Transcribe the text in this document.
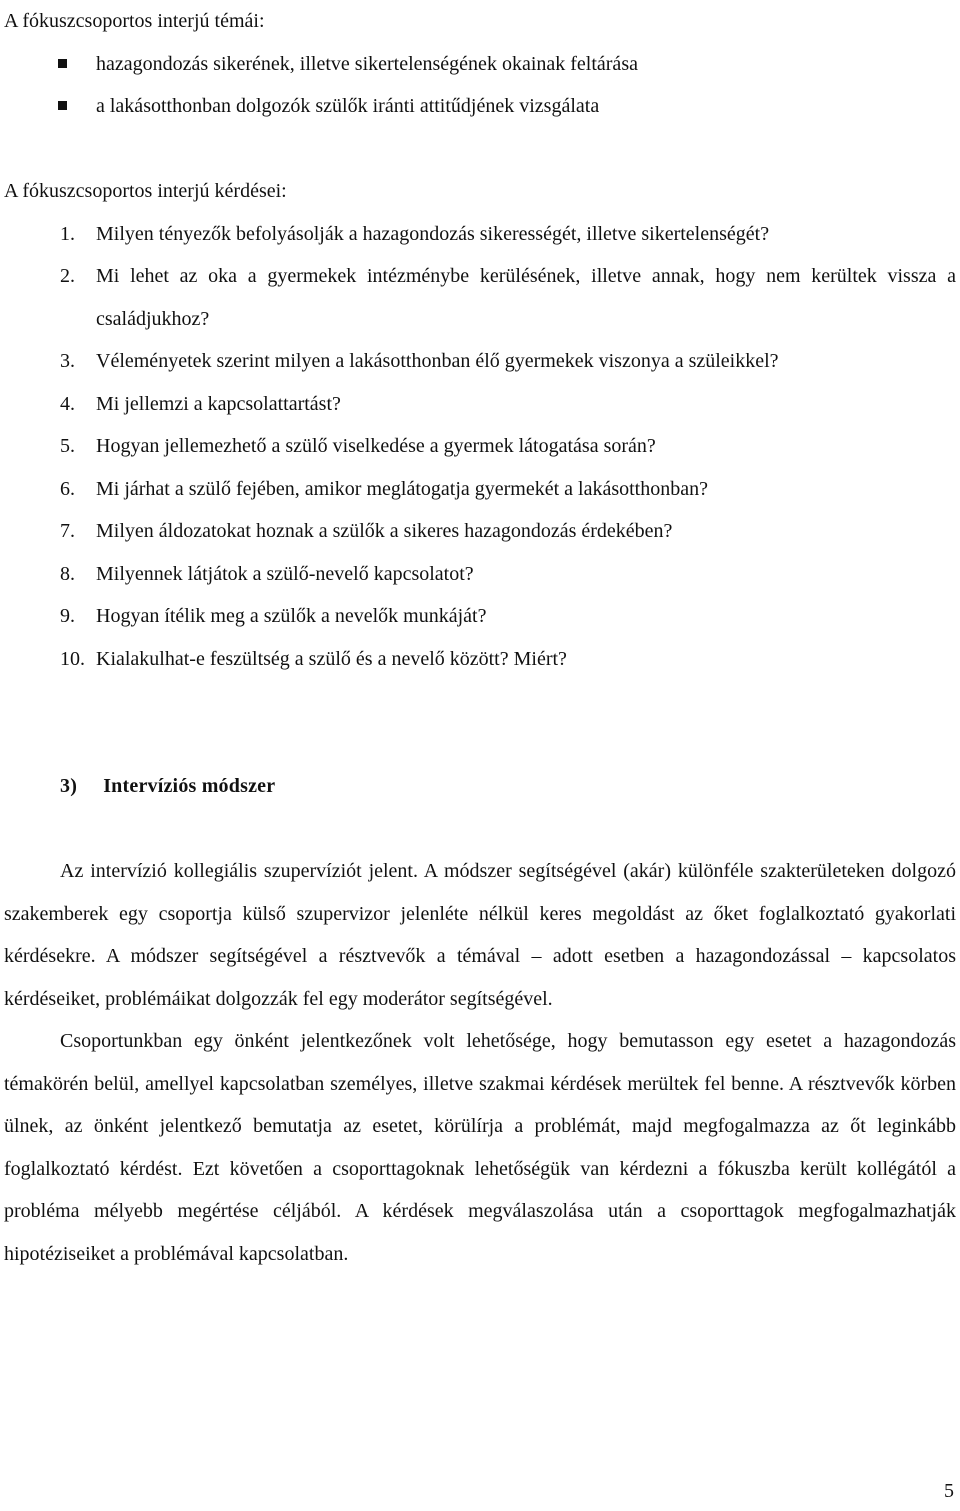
A fókuszcsoportos interjú témái:

hazagondozás sikerének, illetve sikertelenségének okainak feltárása
a lakásotthonban dolgozók szülők iránti attitűdjének vizsgálata

A fókuszcsoportos interjú kérdései:

1.	Milyen tényezők befolyásolják a hazagondozás sikerességét, illetve sikertelenségét?
2.	Mi lehet az oka a gyermekek intézménybe kerülésének, illetve annak, hogy nem kerültek vissza a családjukhoz?
3.	Véleményetek szerint milyen a lakásotthonban élő gyermekek viszonya a szüleikkel?
4.	Mi jellemzi a kapcsolattartást?
5.	Hogyan jellemezhető a szülő viselkedése a gyermek látogatása során?
6.	Mi járhat a szülő fejében, amikor meglátogatja gyermekét a lakásotthonban?
7.	Milyen áldozatokat hoznak a szülők a sikeres hazagondozás érdekében?
8.	Milyennek látjátok a szülő-nevelő kapcsolatot?
9.	Hogyan ítélik meg a szülők a nevelők munkáját?
10. Kialakulhat-e feszültség a szülő és a nevelő között? Miért?
3) Intervíziós módszer

Az intervízió kollegiális szupervíziót jelent. A módszer segítségével (akár) különféle szakterületeken dolgozó szakemberek egy csoportja külső szupervizor jelenléte nélkül keres megoldást az őket foglalkoztató gyakorlati kérdésekre. A módszer segítségével a résztvevők a témával – adott esetben a hazagondozással – kapcsolatos kérdéseiket, problémáikat dolgozzák fel egy moderátor segítségével.

Csoportunkban egy önként jelentkezőnek volt lehetősége, hogy bemutasson egy esetet a hazagondozás témakörén belül, amellyel kapcsolatban személyes, illetve szakmai kérdések merültek fel benne. A résztvevők körben ülnek, az önként jelentkező bemutatja az esetet, körülírja a problémát, majd megfogalmazza az őt leginkább foglalkoztató kérdést. Ezt követően a csoporttagoknak lehetőségük van kérdezni a fókuszba került kollégától a probléma mélyebb megértése céljából. A kérdések megválaszolása után a csoporttagok megfogalmazhatják hipotéziseiket a problémával kapcsolatban.

5
